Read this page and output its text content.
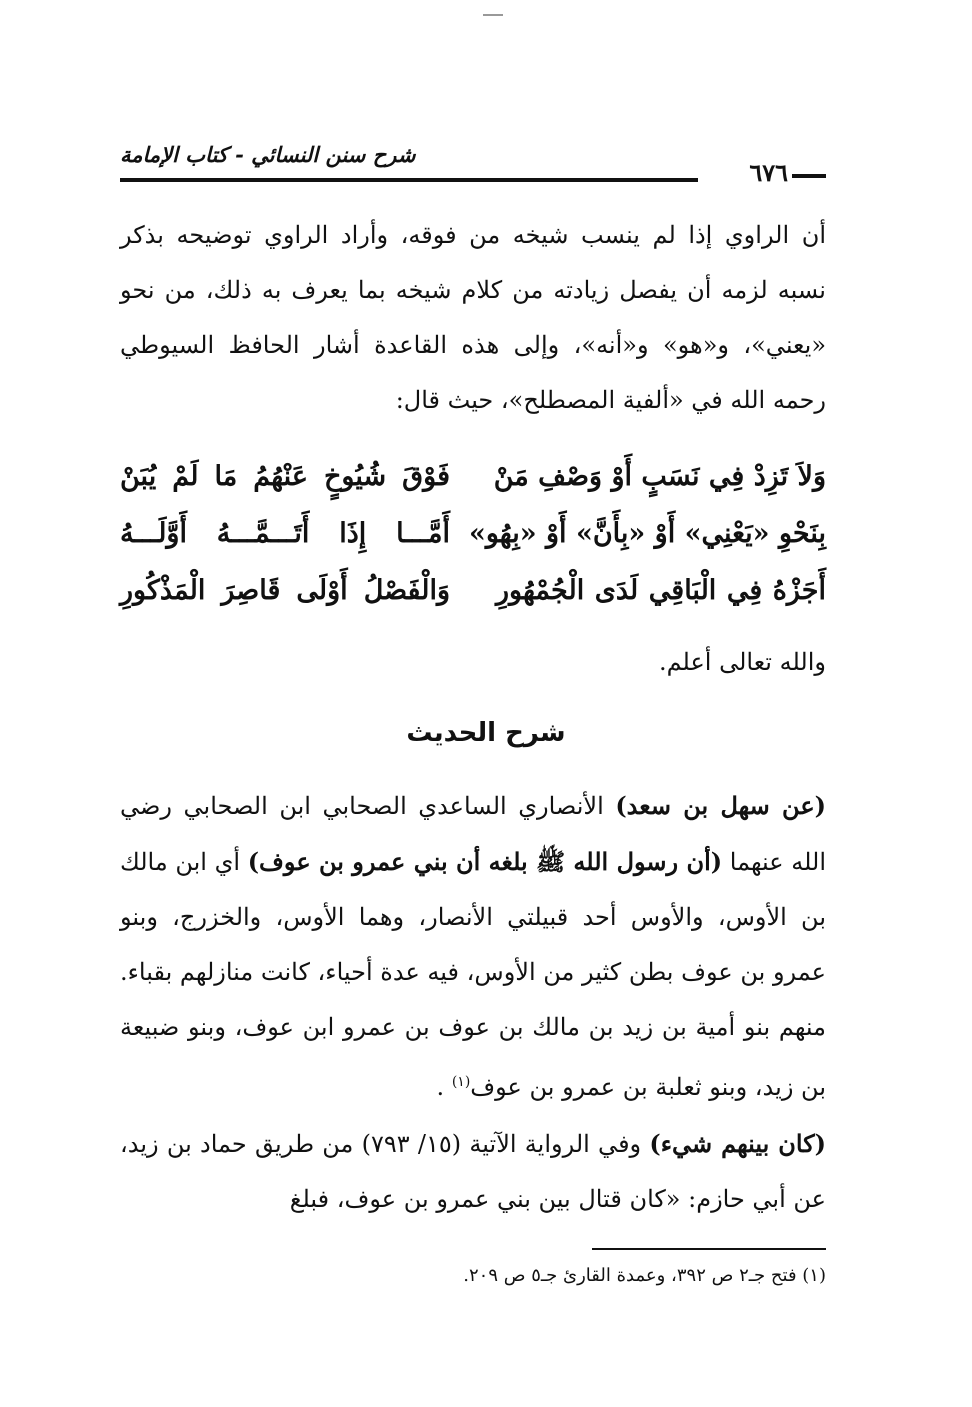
شرح سنن النسائي - كتاب الإمامة
٦٧٦

أن الراوي إذا لم ينسب شيخه من فوقه، وأراد الراوي توضيحه بذكر نسبه لزمه أن يفصل زيادته من كلام شيخه بما يعرف به ذلك، من نحو «يعني»، و«هو» و«أنه»، وإلى هذه القاعدة أشار الحافظ السيوطي رحمه الله في «ألفية المصطلح»، حيث قال:

وَلاَ تَزِدْ فِي نَسَبٍ أَوْ وَصْفِ مَنْ
فَوْقَ شُيُوخٍ عَنْهُمُ مَا لَمْ يُبَنْ
بِنَحْوِ «يَعْنِي» أَوْ «بِأَنَّ» أَوْ «بِهُو»
أَمَّـــا إِذَا أَتَـــمَّـــهُ أَوَّلَـــهُ
أَجَزْهُ فِي الْبَاقِي لَدَى الْجُمْهُورِ
وَالْفَصْلُ أَوْلَى قَاصِرَ الْمَذْكُورِ
والله تعالى أعلم.
شرح الحديث

(عن سهل بن سعد) الأنصاري الساعدي الصحابي ابن الصحابي رضي الله عنهما (أن رسول الله ﷺ بلغه أن بني عمرو بن عوف) أي ابن مالك بن الأوس، والأوس أحد قبيلتي الأنصار، وهما الأوس، والخزرج، وبنو عمرو بن عوف بطن كثير من الأوس، فيه عدة أحياء، كانت منازلهم بقباء. منهم بنو أمية بن زيد بن مالك بن عوف بن عمرو ابن عوف، وبنو ضبيعة بن زيد، وبنو ثعلبة بن عمرو بن عوف$^{(١)}$ .

(كان بينهم شيء) وفي الرواية الآتية (١٥/ ٧٩٣) من طريق حماد بن زيد، عن أبي حازم: «كان قتال بين بني عمرو بن عوف، فبلغ

(١) فتح جـ٢ ص ٣٩٢، وعمدة القارئ جـ٥ ص ٢٠٩.
